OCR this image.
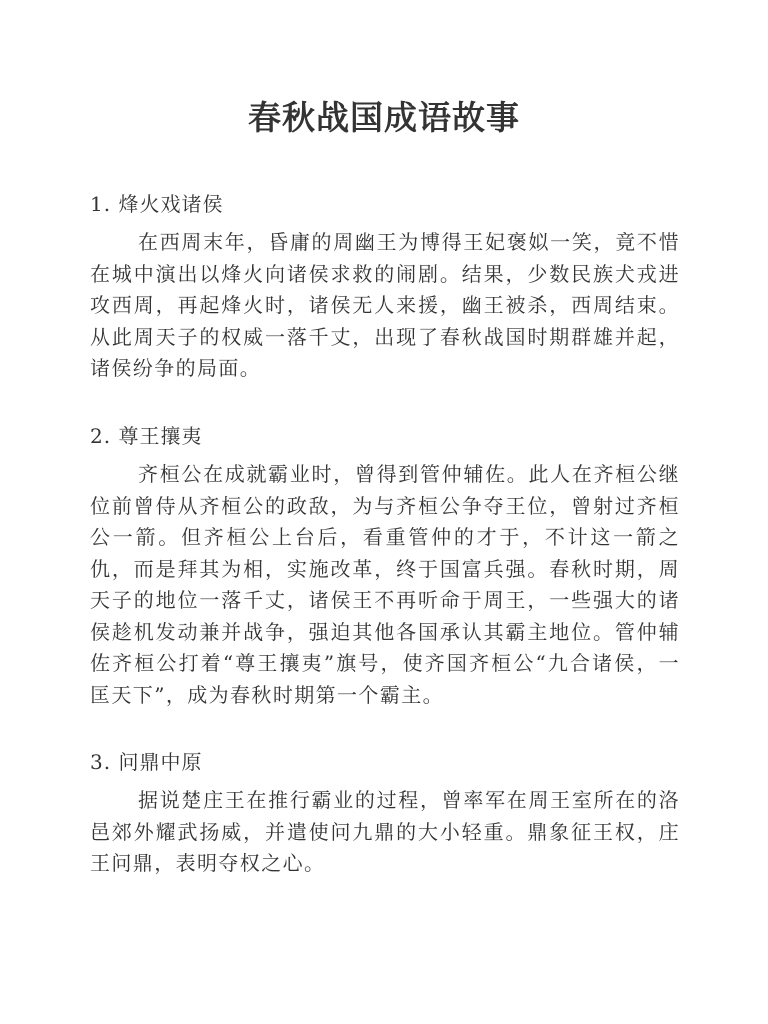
春秋战国成语故事
1. 烽火戏诸侯

在西周末年，昏庸的周幽王为博得王妃褒姒一笑，竟不惜在城中演出以烽火向诸侯求救的闹剧。结果，少数民族犬戎进攻西周，再起烽火时，诸侯无人来援，幽王被杀，西周结束。从此周天子的权威一落千丈，出现了春秋战国时期群雄并起，诸侯纷争的局面。

2. 尊王攘夷

齐桓公在成就霸业时，曾得到管仲辅佐。此人在齐桓公继位前曾侍从齐桓公的政敌，为与齐桓公争夺王位，曾射过齐桓公一箭。但齐桓公上台后，看重管仲的才于，不计这一箭之仇，而是拜其为相，实施改革，终于国富兵强。春秋时期，周天子的地位一落千丈，诸侯王不再听命于周王，一些强大的诸侯趁机发动兼并战争，强迫其他各国承认其霸主地位。管仲辅佐齐桓公打着“尊王攘夷”旗号，使齐国齐桓公“九合诸侯，一匡天下”，成为春秋时期第一个霸主。

3. 问鼎中原

据说楚庄王在推行霸业的过程，曾率军在周王室所在的洛邑郊外耀武扬威，并遣使问九鼎的大小轻重。鼎象征王权，庄王问鼎，表明夺权之心。
